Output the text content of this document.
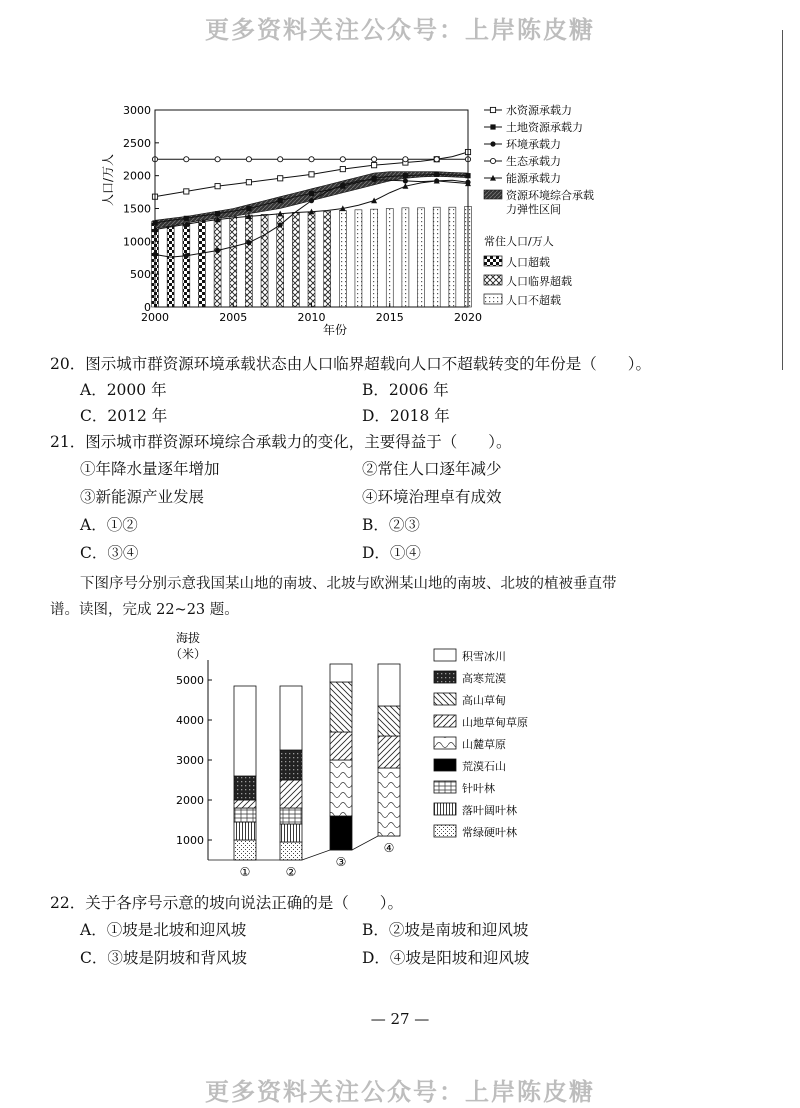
更多资料关注公众号：上岸陈皮糖
人口/万人
年份
0
500
1000
1500
2000
2500
3000
2000	2005	2010	2015	2020
水资源承载力
土地资源承载力
环境承载力
生态承载力
能源承载力
资源环境综合承载
力弹性区间
常住人口/万人
人口超载
人口临界超载
人口不超载
20．图示城市群资源环境承载状态由人口临界超载向人口不超载转变的年份是（　　）。
A．2000 年	B．2006 年
C．2012 年	D．2018 年
21．图示城市群资源环境综合承载力的变化，主要得益于（　　）。
①年降水量逐年增加	②常住人口逐年减少
③新能源产业发展	④环境治理卓有成效
A．①②	B．②③
C．③④	D．①④
下图序号分别示意我国某山地的南坡、北坡与欧洲某山地的南坡、北坡的植被垂直带
谱。读图，完成 22~23 题。
海拔
（米）
1000
2000
3000
4000
5000
①	②
③
④
积雪冰川
高寒荒漠
高山草甸
山地草甸草原
山麓草原
荒漠石山
针叶林
落叶阔叶林
常绿硬叶林
22．关于各序号示意的坡向说法正确的是（　　）。
A．①坡是北坡和迎风坡	B．②坡是南坡和迎风坡
C．③坡是阴坡和背风坡	D．④坡是阳坡和迎风坡
— 27 —
更多资料关注公众号：上岸陈皮糖
